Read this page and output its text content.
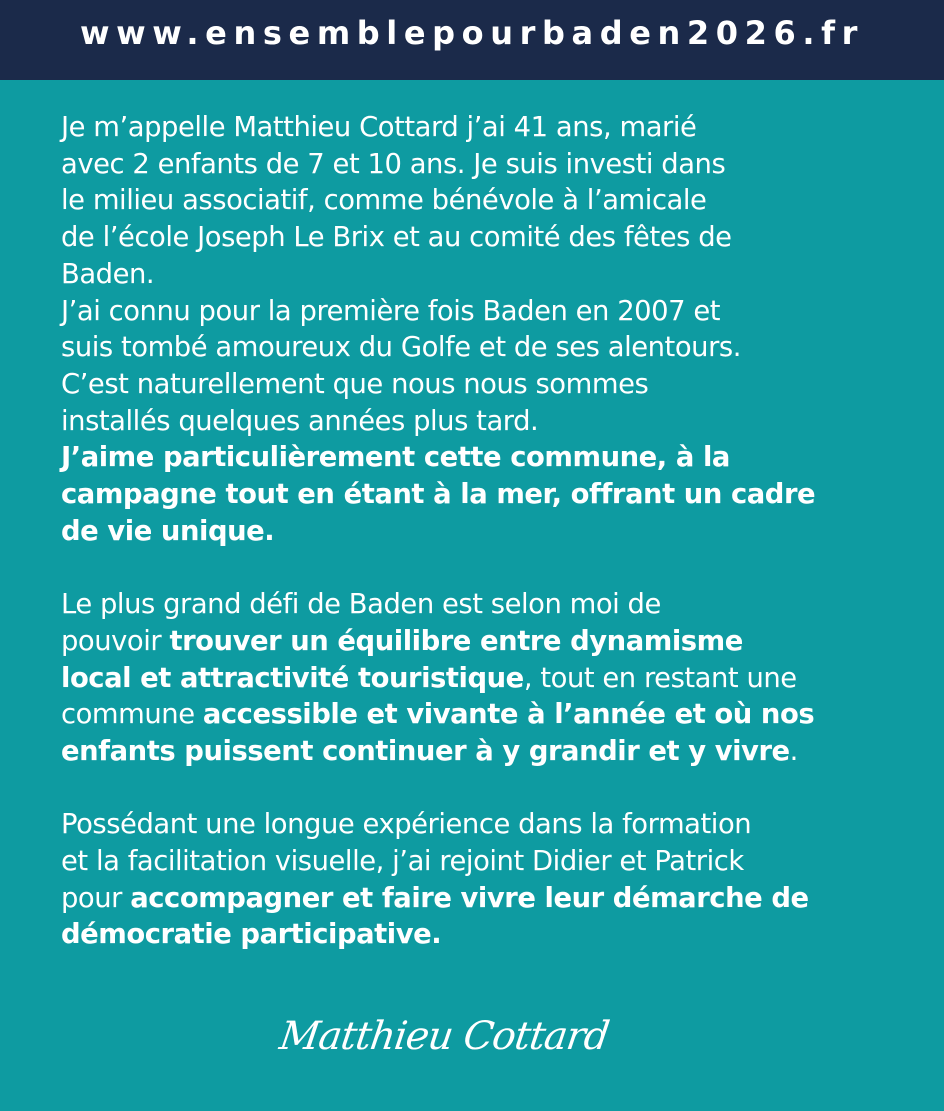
www.ensemblepourbaden2026.fr

Je m’appelle Matthieu Cottard j’ai 41 ans, marié
avec 2 enfants de 7 et 10 ans. Je suis investi dans
le milieu associatif, comme bénévole à l’amicale
de l’école Joseph Le Brix et au comité des fêtes de
Baden.
J’ai connu pour la première fois Baden en 2007 et
suis tombé amoureux du Golfe et de ses alentours.
C’est naturellement que nous nous sommes
installés quelques années plus tard.
J’aime particulièrement cette commune, à la
campagne tout en étant à la mer, offrant un cadre
de vie unique.

Le plus grand défi de Baden est selon moi de
pouvoir trouver un équilibre entre dynamisme
local et attractivité touristique, tout en restant une
commune accessible et vivante à l’année et où nos
enfants puissent continuer à y grandir et y vivre.

Possédant une longue expérience dans la formation
et la facilitation visuelle, j’ai rejoint Didier et Patrick
pour accompagner et faire vivre leur démarche de
démocratie participative.

Matthieu Cottard
